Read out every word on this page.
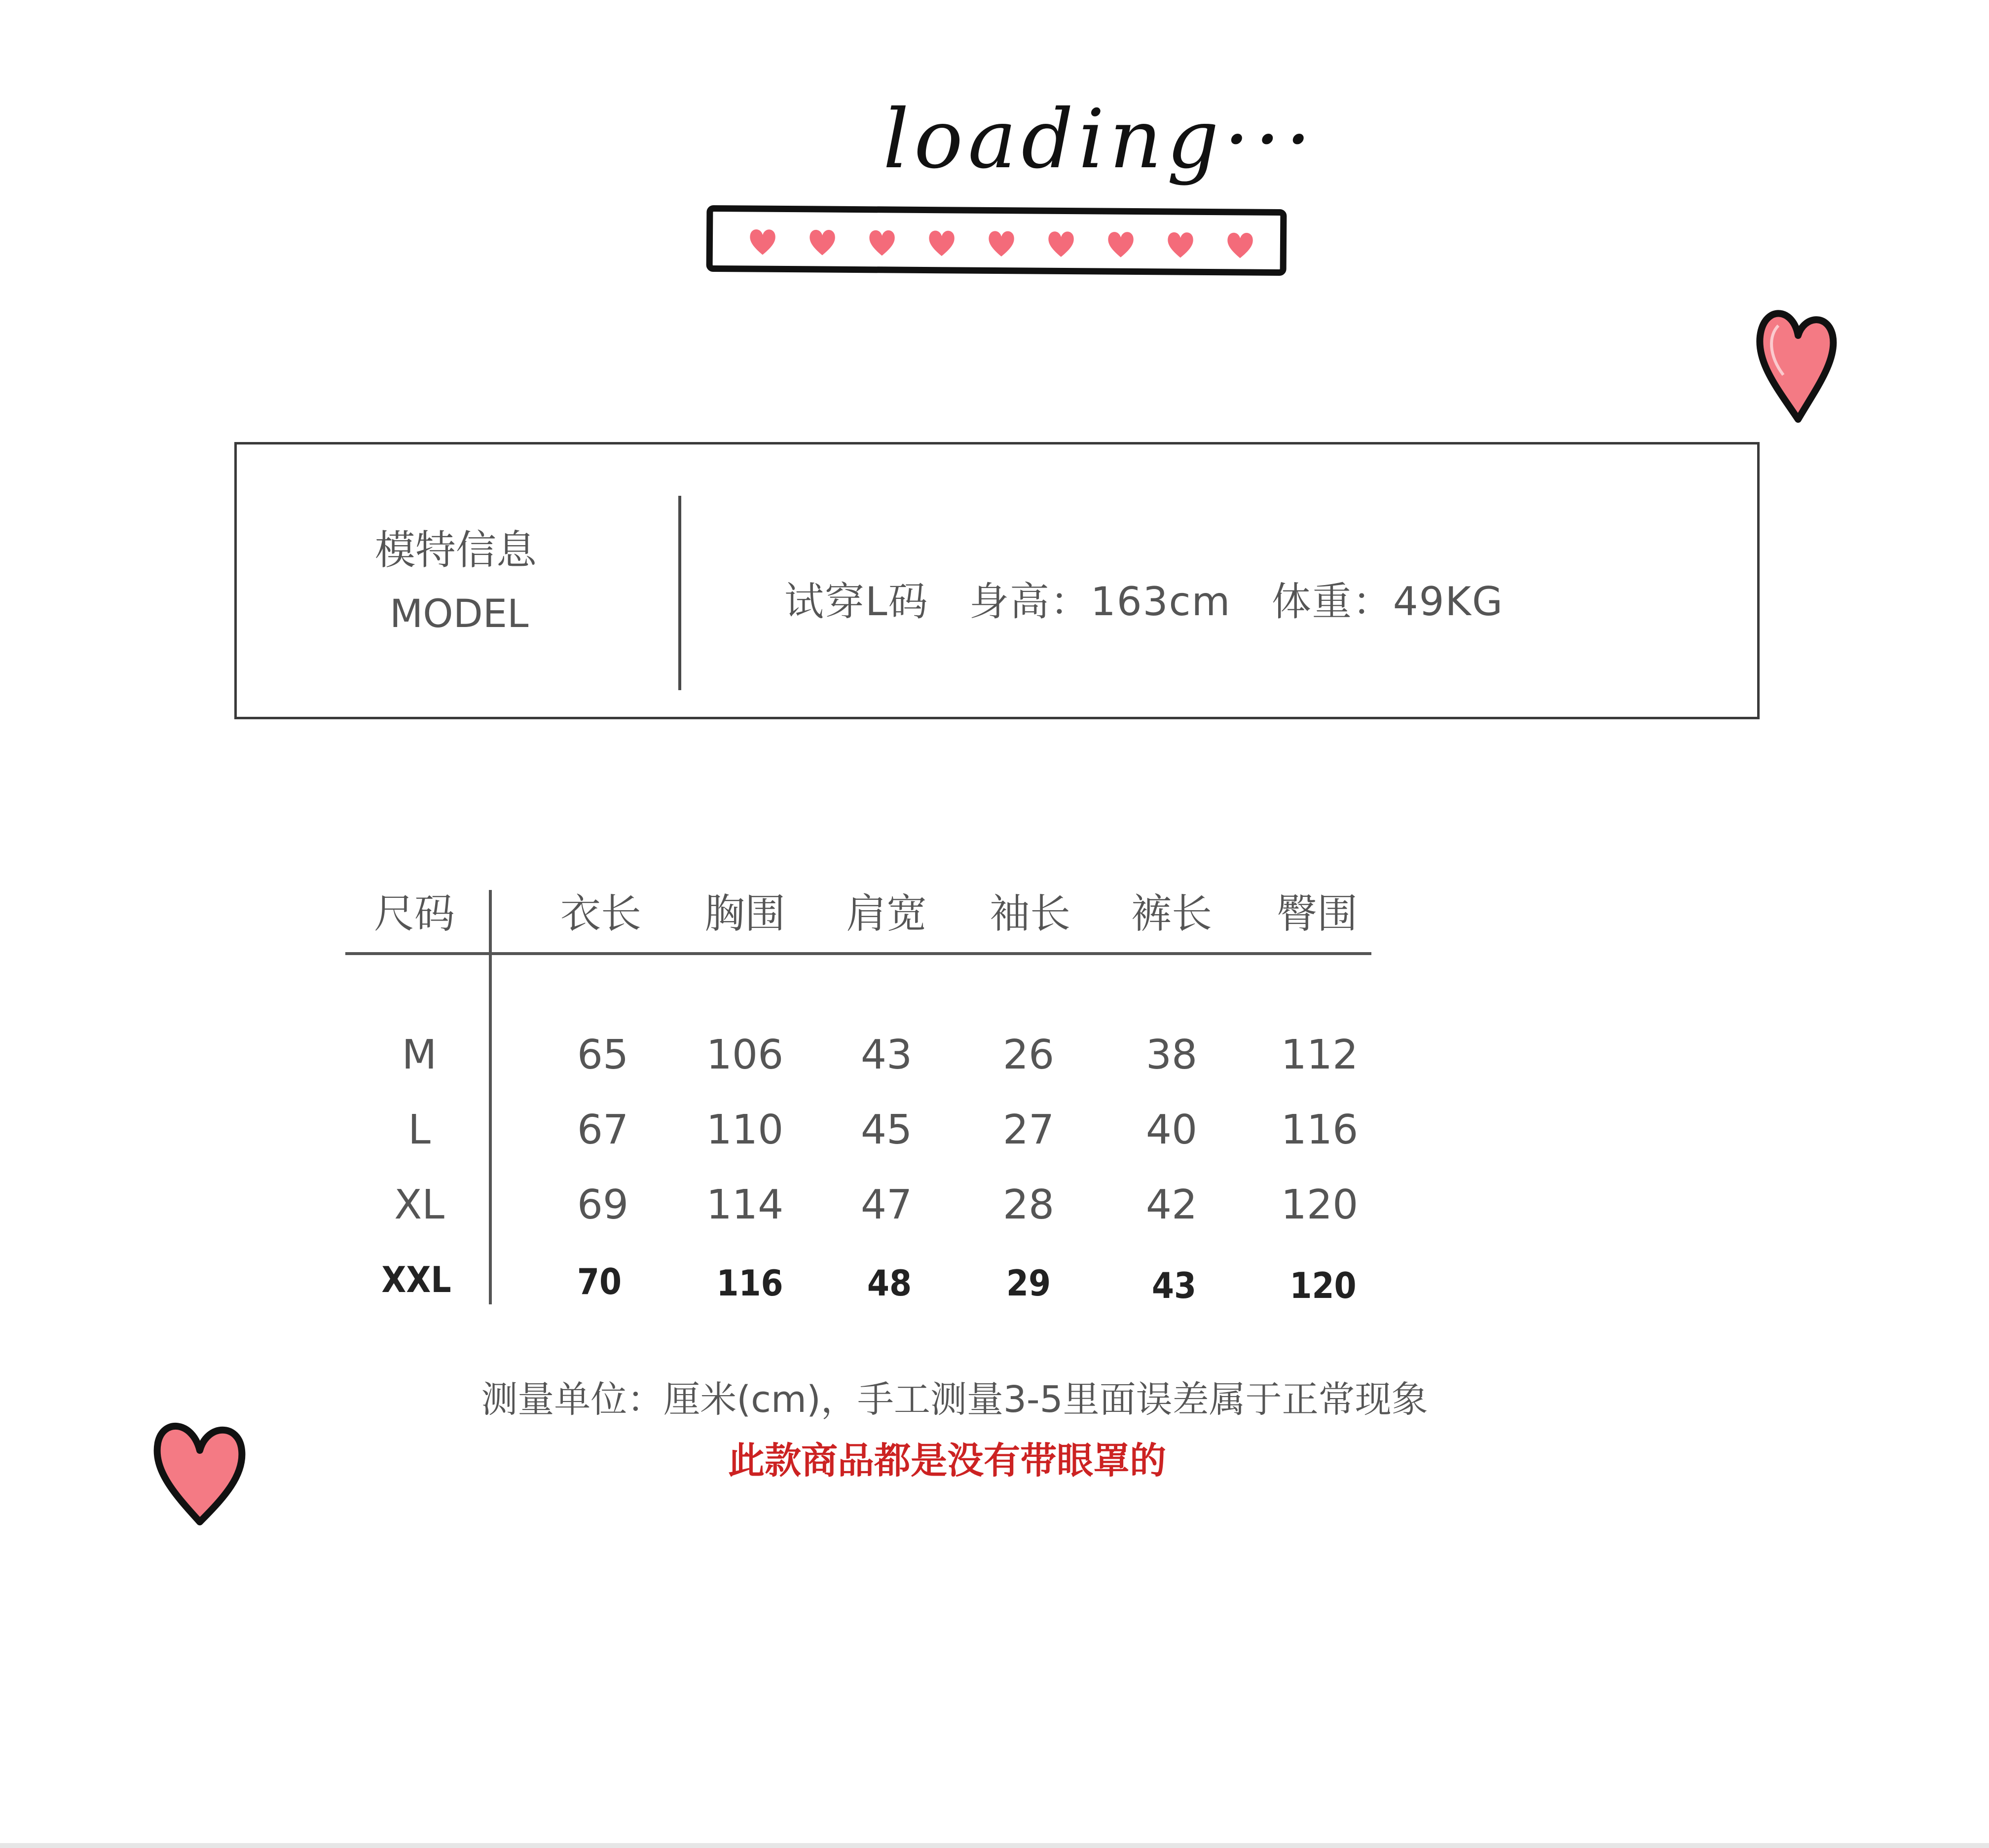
loading···
模特信息
MODEL	试穿L码   身高：163cm   体重：49KG
尺码	衣长	胸围	肩宽	袖长	裤长	臀围
M	65	106	43	26	38	112
L	67	110	45	27	40	116
XL	69	114	47	28	42	120
XXL	70	116	48	29	43	120
测量单位：厘米(cm)，手工测量3-5里面误差属于正常现象
此款商品都是没有带眼罩的
